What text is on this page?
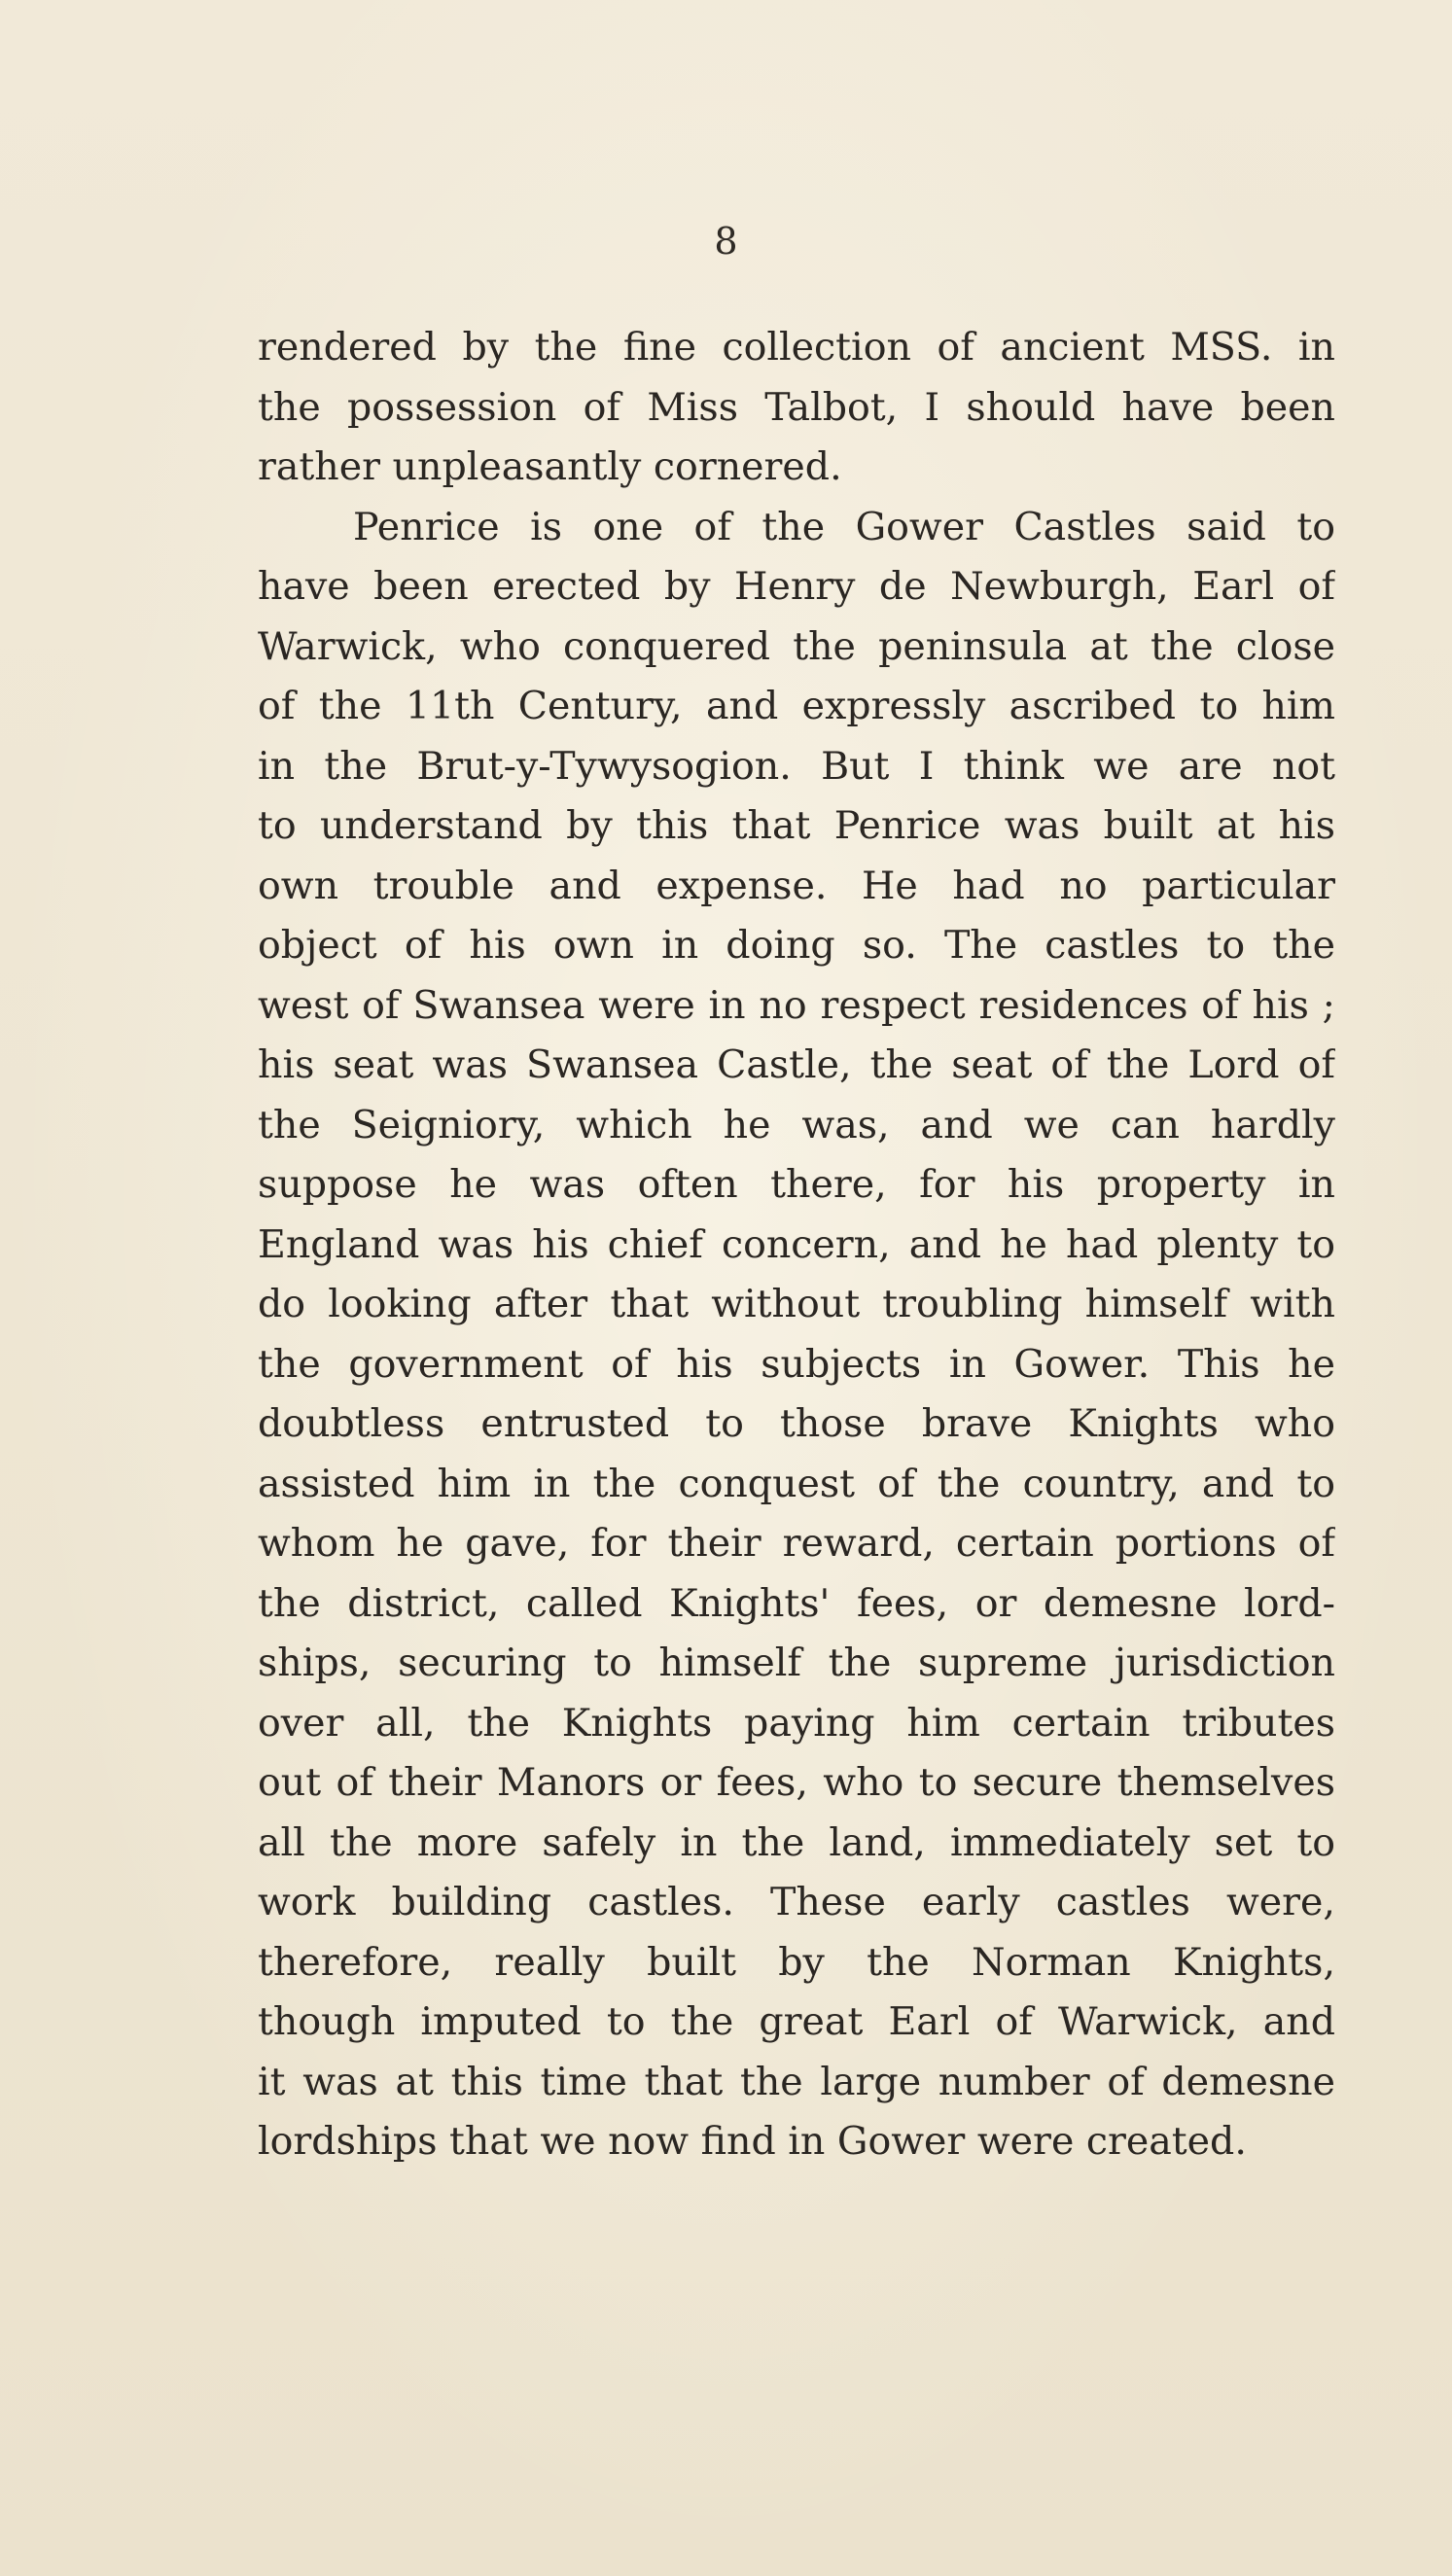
8
rendered by the fine collection of ancient MSS. in
the possession of Miss Talbot, I should have been
rather unpleasantly cornered.
Penrice is one of the Gower Castles said to
have been erected by Henry de Newburgh, Earl of
Warwick, who conquered the peninsula at the close
of the 11th Century, and expressly ascribed to him
in the Brut-y-Tywysogion. But I think we are not
to understand by this that Penrice was built at his
own trouble and expense. He had no particular
object of his own in doing so. The castles to the
west of Swansea were in no respect residences of his ;
his seat was Swansea Castle, the seat of the Lord of
the Seigniory, which he was, and we can hardly
suppose he was often there, for his property in
England was his chief concern, and he had plenty to
do looking after that without troubling himself with
the government of his subjects in Gower. This he
doubtless entrusted to those brave Knights who
assisted him in the conquest of the country, and to
whom he gave, for their reward, certain portions of
the district, called Knights' fees, or demesne lord-
ships, securing to himself the supreme jurisdiction
over all, the Knights paying him certain tributes
out of their Manors or fees, who to secure themselves
all the more safely in the land, immediately set to
work building castles. These early castles were,
therefore, really built by the Norman Knights,
though imputed to the great Earl of Warwick, and
it was at this time that the large number of demesne
lordships that we now find in Gower were created.
